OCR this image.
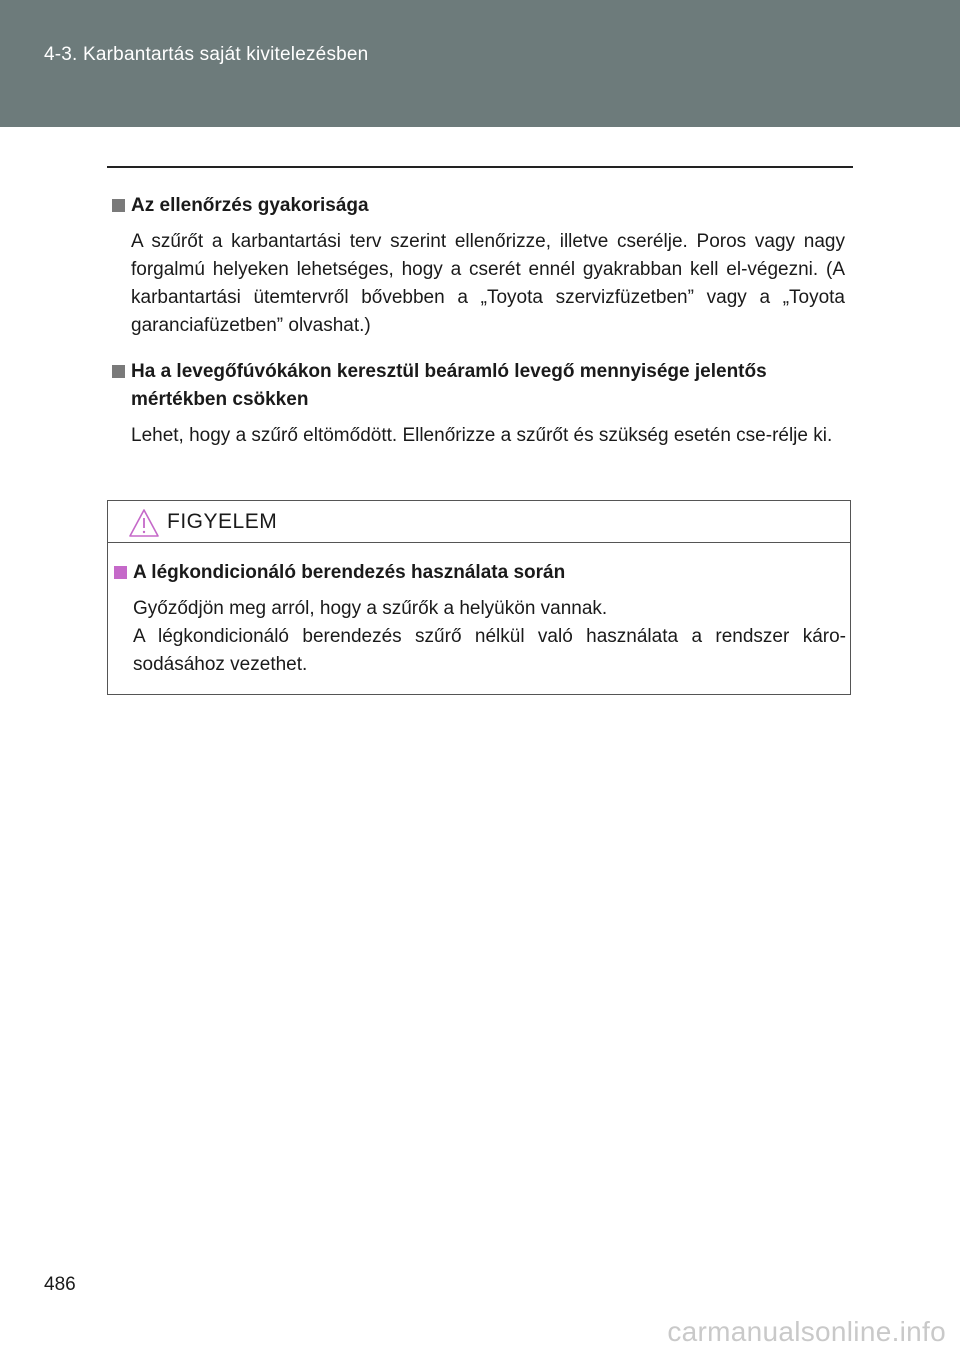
4-3. Karbantartás saját kivitelezésben
Az ellenőrzés gyakorisága
A szűrőt a karbantartási terv szerint ellenőrizze, illetve cserélje. Poros vagy nagy forgalmú helyeken lehetséges, hogy a cserét ennél gyakrabban kell el-végezni. (A karbantartási ütemtervről bővebben a „Toyota szervizfüzetben” vagy a „Toyota garanciafüzetben” olvashat.)
Ha a levegőfúvókákon keresztül beáramló levegő mennyisége jelentős mértékben csökken
Lehet, hogy a szűrő eltömődött. Ellenőrizze a szűrőt és szükség esetén cse-rélje ki.
FIGYELEM
A légkondicionáló berendezés használata során
Győződjön meg arról, hogy a szűrők a helyükön vannak.
A légkondicionáló berendezés szűrő nélkül való használata a rendszer káro-sodásához vezethet.
486
carmanualsonline.info
